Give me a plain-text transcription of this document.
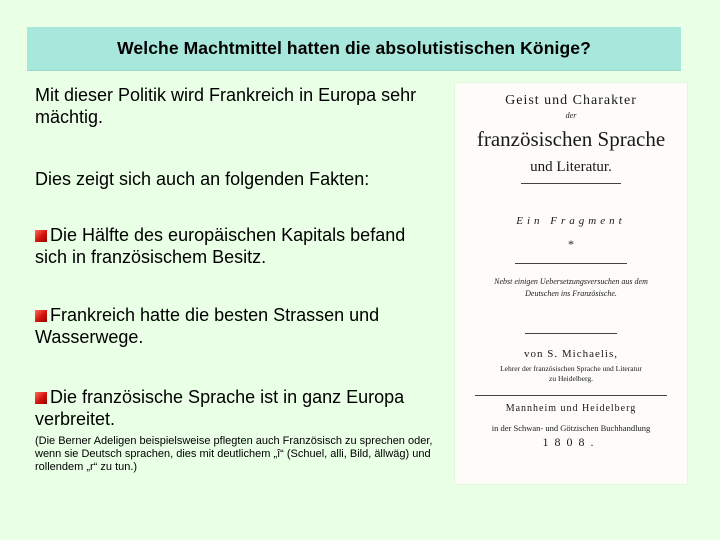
Welche Machtmittel hatten die absolutistischen Könige?

Mit dieser Politik wird Frankreich in Europa sehr mächtig.

Dies zeigt sich auch an folgenden Fakten:

Die Hälfte des europäischen Kapitals befand sich in französischem Besitz.

Frankreich hatte die besten Strassen und Wasserwege.

Die französische Sprache ist in ganz Europa verbreitet.

(Die Berner Adeligen beispielsweise pflegten auch Französisch zu sprechen oder, wenn sie Deutsch sprachen, dies mit deutlichem „î“ (Schuel, alli, Bild, ällwäg) und rollendem „r“ zu tun.)

Geist und Charakter
der
französischen Sprache
und Literatur.
Ein Fragment
*
Nebst einigen Uebersetzungsversuchen aus dem
Deutschen ins Französische.
von S. Michaelis,
Lehrer der französischen Sprache und Literatur
zu Heidelberg.
Mannheim und Heidelberg
in der Schwan- und Götzischen Buchhandlung
1808.
